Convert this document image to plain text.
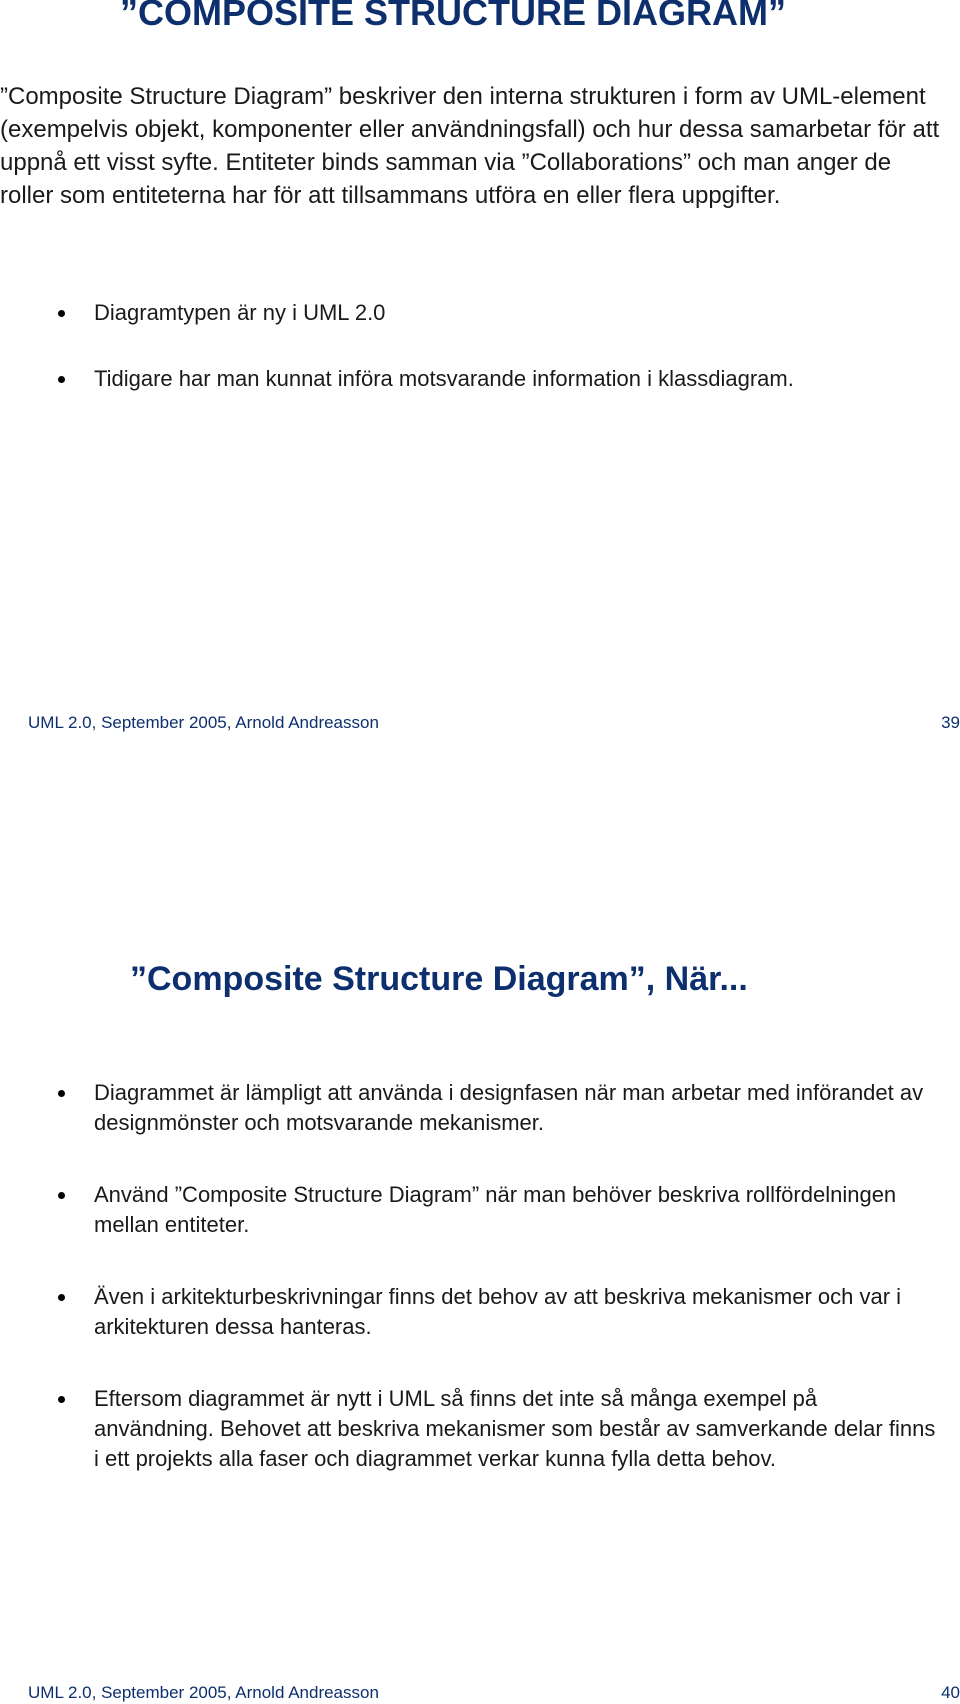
”COMPOSITE STRUCTURE DIAGRAM”

”Composite Structure Diagram” beskriver den interna strukturen i form av UML-element (exempelvis objekt, komponenter eller användningsfall) och hur dessa samarbetar för att uppnå ett visst syfte. Entiteter binds samman via ”Collaborations” och man anger de roller som entiteterna har för att tillsammans utföra en eller flera uppgifter.

Diagramtypen är ny i UML 2.0
Tidigare har man kunnat införa motsvarande information i klassdiagram.
UML 2.0, September 2005, Arnold Andreasson	39
”Composite Structure Diagram”, När...
Diagrammet är lämpligt att använda i designfasen när man arbetar med införandet av designmönster och motsvarande mekanismer.
Använd ”Composite Structure Diagram” när man behöver beskriva rollfördelningen mellan entiteter.
Även i arkitekturbeskrivningar finns det behov av att beskriva mekanismer och var i arkitekturen dessa hanteras.
Eftersom diagrammet är nytt i UML så finns det inte så många exempel på användning. Behovet att beskriva mekanismer som består av samverkande delar finns i ett projekts alla faser och diagrammet verkar kunna fylla detta behov.
UML 2.0, September 2005, Arnold Andreasson	40
